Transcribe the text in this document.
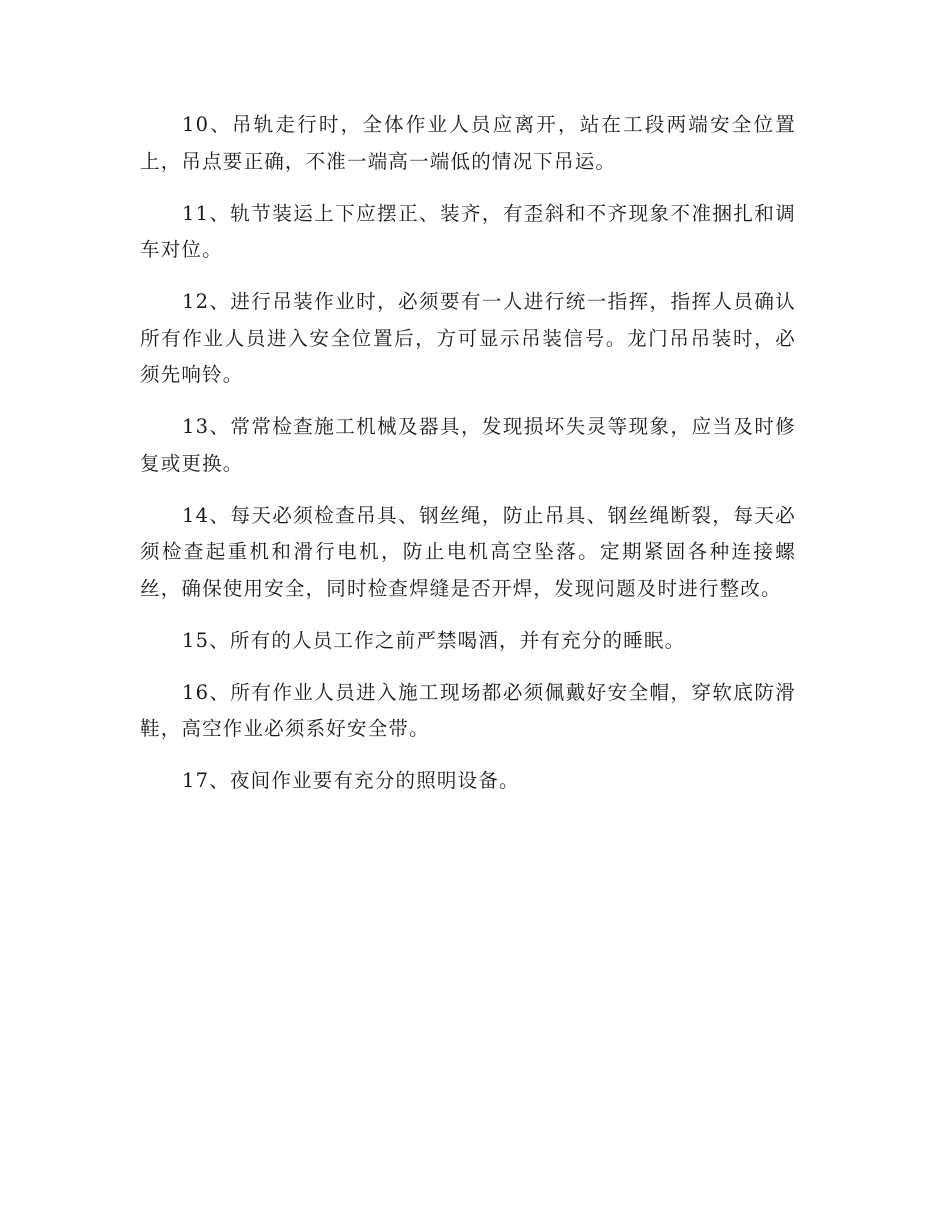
10、吊轨走行时，全体作业人员应离开，站在工段两端安全位置上，吊点要正确，不准一端高一端低的情况下吊运。

11、轨节装运上下应摆正、装齐，有歪斜和不齐现象不准捆扎和调车对位。

12、进行吊装作业时，必须要有一人进行统一指挥，指挥人员确认所有作业人员进入安全位置后，方可显示吊装信号。龙门吊吊装时，必须先响铃。

13、常常检查施工机械及器具，发现损坏失灵等现象，应当及时修复或更换。

14、每天必须检查吊具、钢丝绳，防止吊具、钢丝绳断裂，每天必须检查起重机和滑行电机，防止电机高空坠落。定期紧固各种连接螺丝，确保使用安全，同时检查焊缝是否开焊，发现问题及时进行整改。

15、所有的人员工作之前严禁喝酒，并有充分的睡眠。

16、所有作业人员进入施工现场都必须佩戴好安全帽，穿软底防滑鞋，高空作业必须系好安全带。

17、夜间作业要有充分的照明设备。
